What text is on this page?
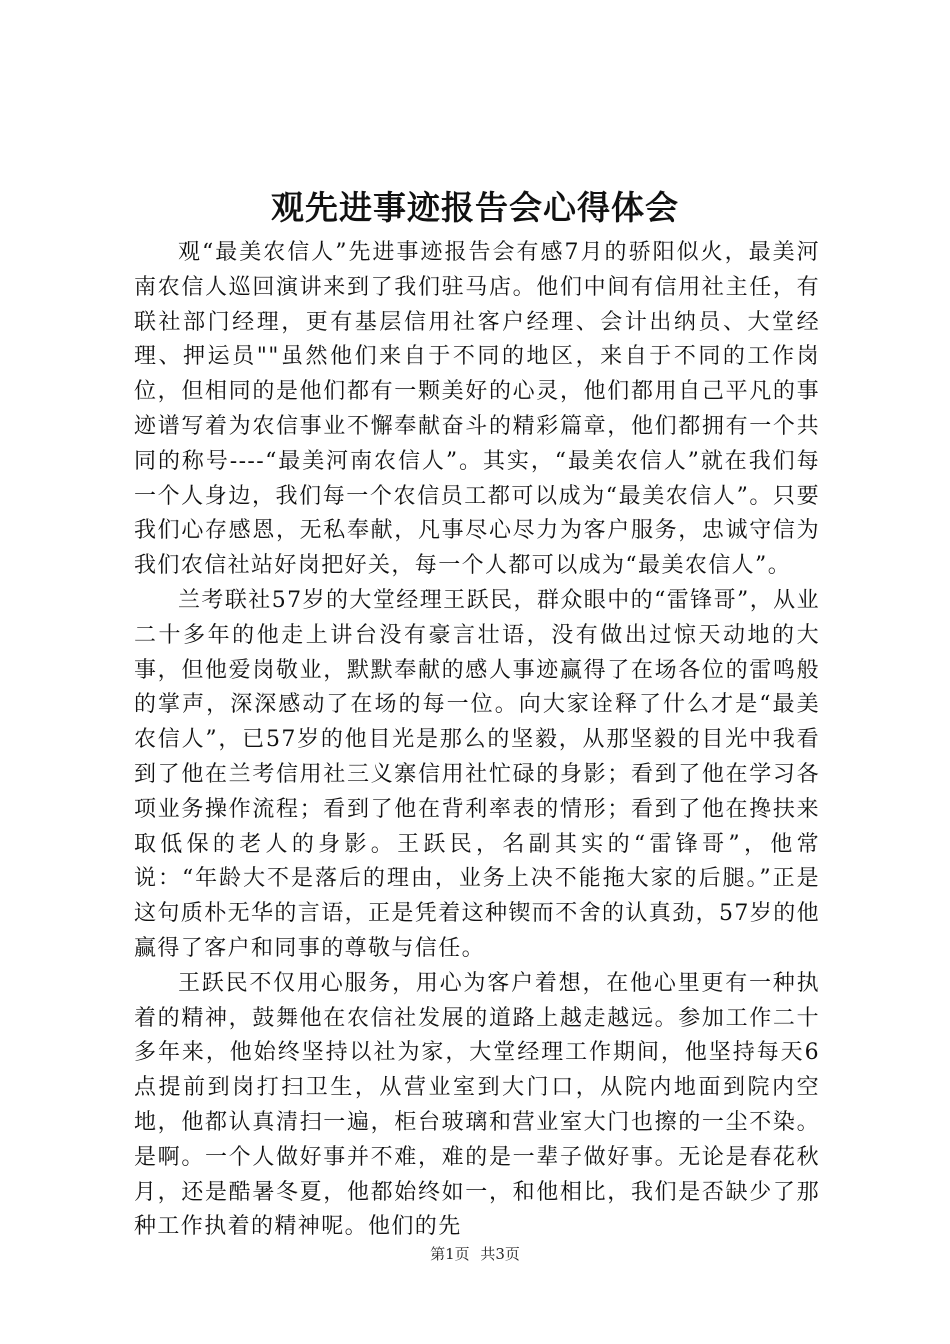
观先进事迹报告会心得体会

观“最美农信人”先进事迹报告会有感7月的骄阳似火，最美河南农信人巡回演讲来到了我们驻马店。他们中间有信用社主任，有联社部门经理，更有基层信用社客户经理、会计出纳员、大堂经理、押运员""虽然他们来自于不同的地区，来自于不同的工作岗位，但相同的是他们都有一颗美好的心灵，他们都用自己平凡的事迹谱写着为农信事业不懈奉献奋斗的精彩篇章，他们都拥有一个共同的称号----“最美河南农信人”。其实，“最美农信人”就在我们每一个人身边，我们每一个农信员工都可以成为“最美农信人”。只要我们心存感恩，无私奉献，凡事尽心尽力为客户服务，忠诚守信为我们农信社站好岗把好关，每一个人都可以成为“最美农信人”。

兰考联社57岁的大堂经理王跃民，群众眼中的“雷锋哥”，从业二十多年的他走上讲台没有豪言壮语，没有做出过惊天动地的大事，但他爱岗敬业，默默奉献的感人事迹赢得了在场各位的雷鸣般的掌声，深深感动了在场的每一位。向大家诠释了什么才是“最美农信人”，已57岁的他目光是那么的坚毅，从那坚毅的目光中我看到了他在兰考信用社三义寨信用社忙碌的身影；看到了他在学习各项业务操作流程；看到了他在背利率表的情形；看到了他在搀扶来取低保的老人的身影。王跃民，名副其实的“雷锋哥”，他常说：“年龄大不是落后的理由，业务上决不能拖大家的后腿。”正是这句质朴无华的言语，正是凭着这种锲而不舍的认真劲，57岁的他赢得了客户和同事的尊敬与信任。

王跃民不仅用心服务，用心为客户着想，在他心里更有一种执着的精神，鼓舞他在农信社发展的道路上越走越远。参加工作二十多年来，他始终坚持以社为家，大堂经理工作期间，他坚持每天6点提前到岗打扫卫生，从营业室到大门口，从院内地面到院内空地，他都认真清扫一遍，柜台玻璃和营业室大门也擦的一尘不染。是啊。一个人做好事并不难，难的是一辈子做好事。无论是春花秋月，还是酷暑冬夏，他都始终如一，和他相比，我们是否缺少了那种工作执着的精神呢。他们的先

第1页 共3页
